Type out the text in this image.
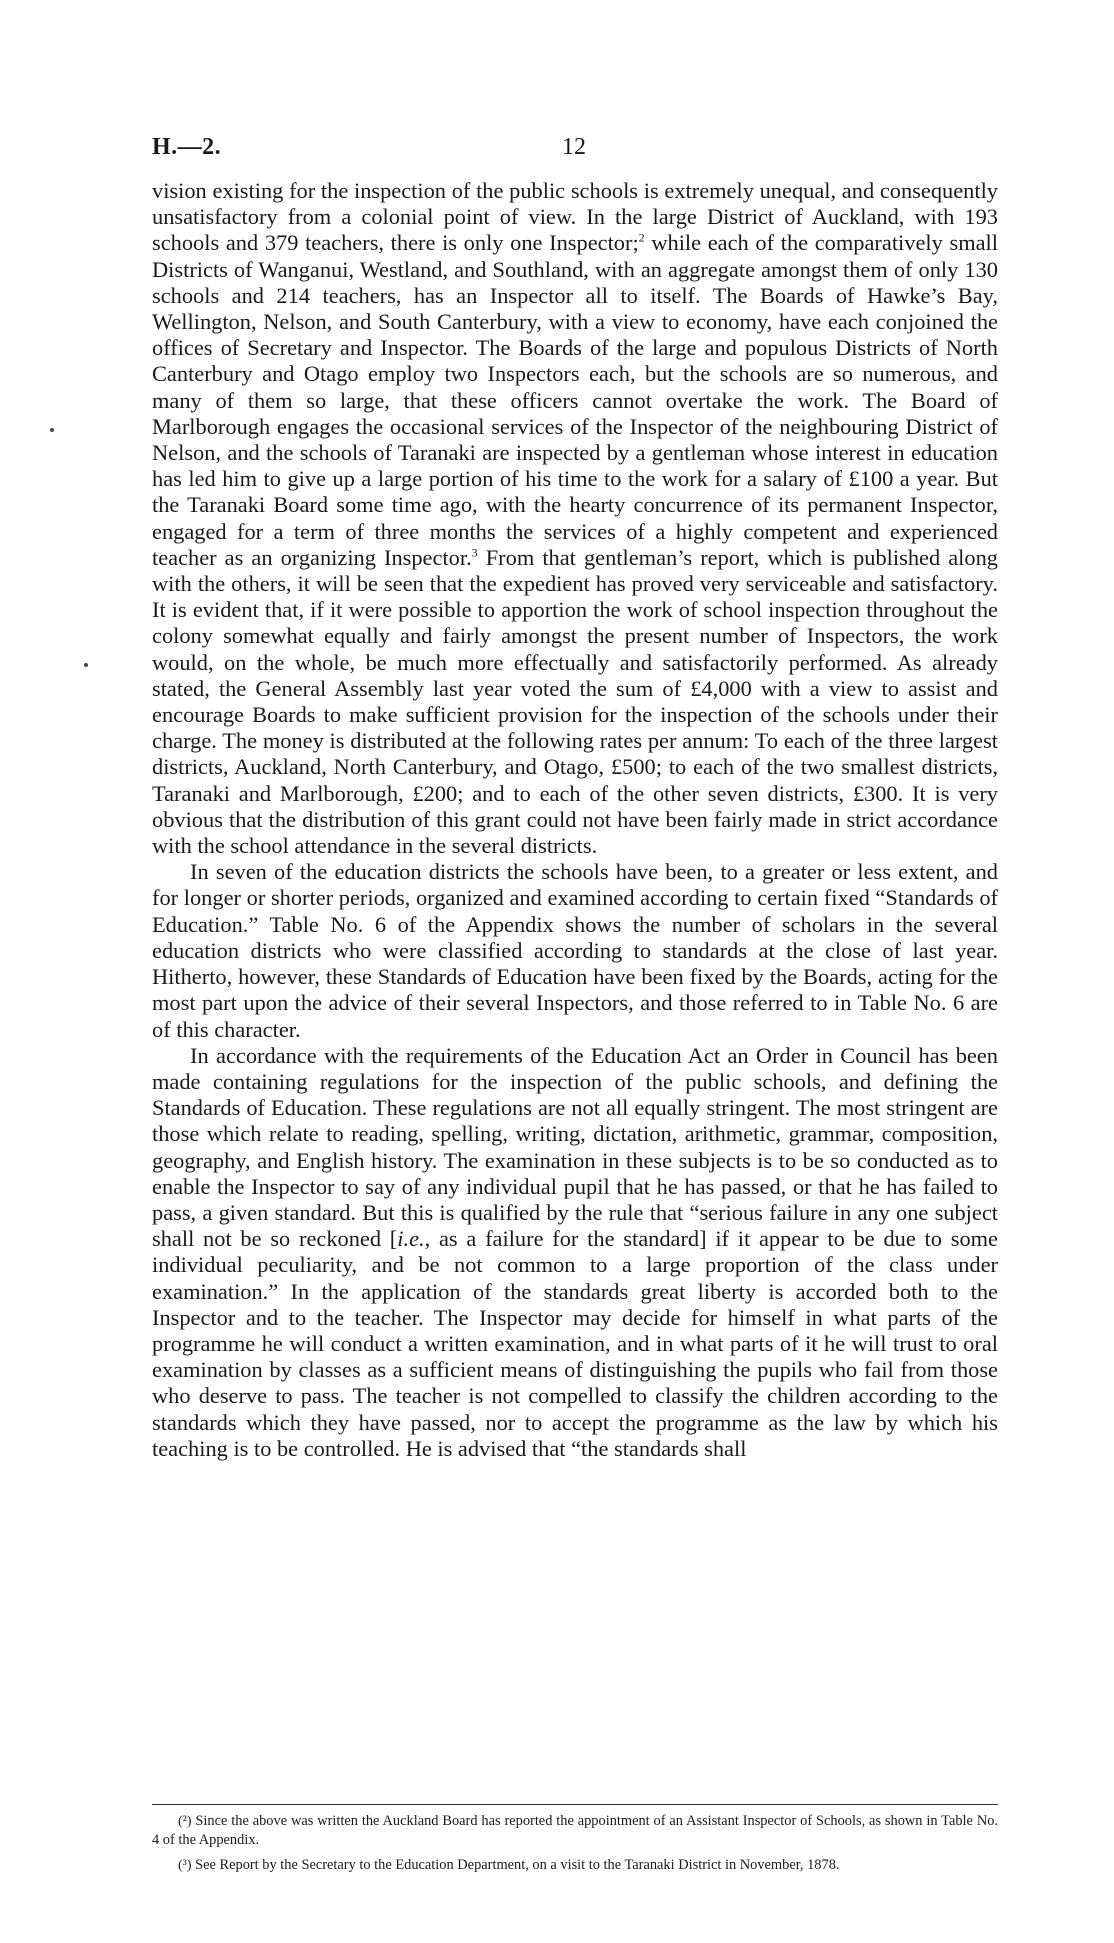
H.—2.	12

vision existing for the inspection of the public schools is extremely unequal, and consequently unsatisfactory from a colonial point of view. In the large District of Auckland, with 193 schools and 379 teachers, there is only one Inspector;$^2$ while each of the comparatively small Districts of Wanganui, Westland, and Southland, with an aggregate amongst them of only 130 schools and 214 teachers, has an Inspector all to itself. The Boards of Hawke’s Bay, Wellington, Nelson, and South Canterbury, with a view to economy, have each conjoined the offices of Secretary and Inspector. The Boards of the large and populous Districts of North Canterbury and Otago employ two Inspectors each, but the schools are so numerous, and many of them so large, that these officers cannot overtake the work. The Board of Marlborough engages the occasional services of the Inspector of the neighbouring District of Nelson, and the schools of Taranaki are inspected by a gentleman whose interest in education has led him to give up a large portion of his time to the work for a salary of £100 a year. But the Taranaki Board some time ago, with the hearty concurrence of its permanent Inspector, engaged for a term of three months the services of a highly competent and experienced teacher as an organizing Inspector.$^3$ From that gentleman’s report, which is published along with the others, it will be seen that the expedient has proved very serviceable and satisfactory. It is evident that, if it were possible to apportion the work of school inspection throughout the colony somewhat equally and fairly amongst the present number of Inspectors, the work would, on the whole, be much more effectually and satisfactorily performed. As already stated, the General Assembly last year voted the sum of £4,000 with a view to assist and encourage Boards to make sufficient provision for the inspection of the schools under their charge. The money is distributed at the following rates per annum: To each of the three largest districts, Auckland, North Canterbury, and Otago, £500; to each of the two smallest districts, Taranaki and Marlborough, £200; and to each of the other seven districts, £300. It is very obvious that the distribution of this grant could not have been fairly made in strict accordance with the school attendance in the several districts.

In seven of the education districts the schools have been, to a greater or less extent, and for longer or shorter periods, organized and examined according to certain fixed “Standards of Education.” Table No. 6 of the Appendix shows the number of scholars in the several education districts who were classified according to standards at the close of last year. Hitherto, however, these Standards of Education have been fixed by the Boards, acting for the most part upon the advice of their several Inspectors, and those referred to in Table No. 6 are of this character.

In accordance with the requirements of the Education Act an Order in Council has been made containing regulations for the inspection of the public schools, and defining the Standards of Education. These regulations are not all equally stringent. The most stringent are those which relate to reading, spelling, writing, dictation, arithmetic, grammar, composition, geography, and English history. The examination in these subjects is to be so conducted as to enable the Inspector to say of any individual pupil that he has passed, or that he has failed to pass, a given standard. But this is qualified by the rule that “serious failure in any one subject shall not be so reckoned [i.e., as a failure for the standard] if it appear to be due to some individual peculiarity, and be not common to a large proportion of the class under examination.” In the application of the standards great liberty is accorded both to the Inspector and to the teacher. The Inspector may decide for himself in what parts of the programme he will conduct a written examination, and in what parts of it he will trust to oral examination by classes as a sufficient means of distinguishing the pupils who fail from those who deserve to pass. The teacher is not compelled to classify the children according to the standards which they have passed, nor to accept the programme as the law by which his teaching is to be controlled. He is advised that “the standards shall

(²) Since the above was written the Auckland Board has reported the appointment of an Assistant Inspector of Schools, as shown in Table No. 4 of the Appendix.

(³) See Report by the Secretary to the Education Department, on a visit to the Taranaki District in November, 1878.
